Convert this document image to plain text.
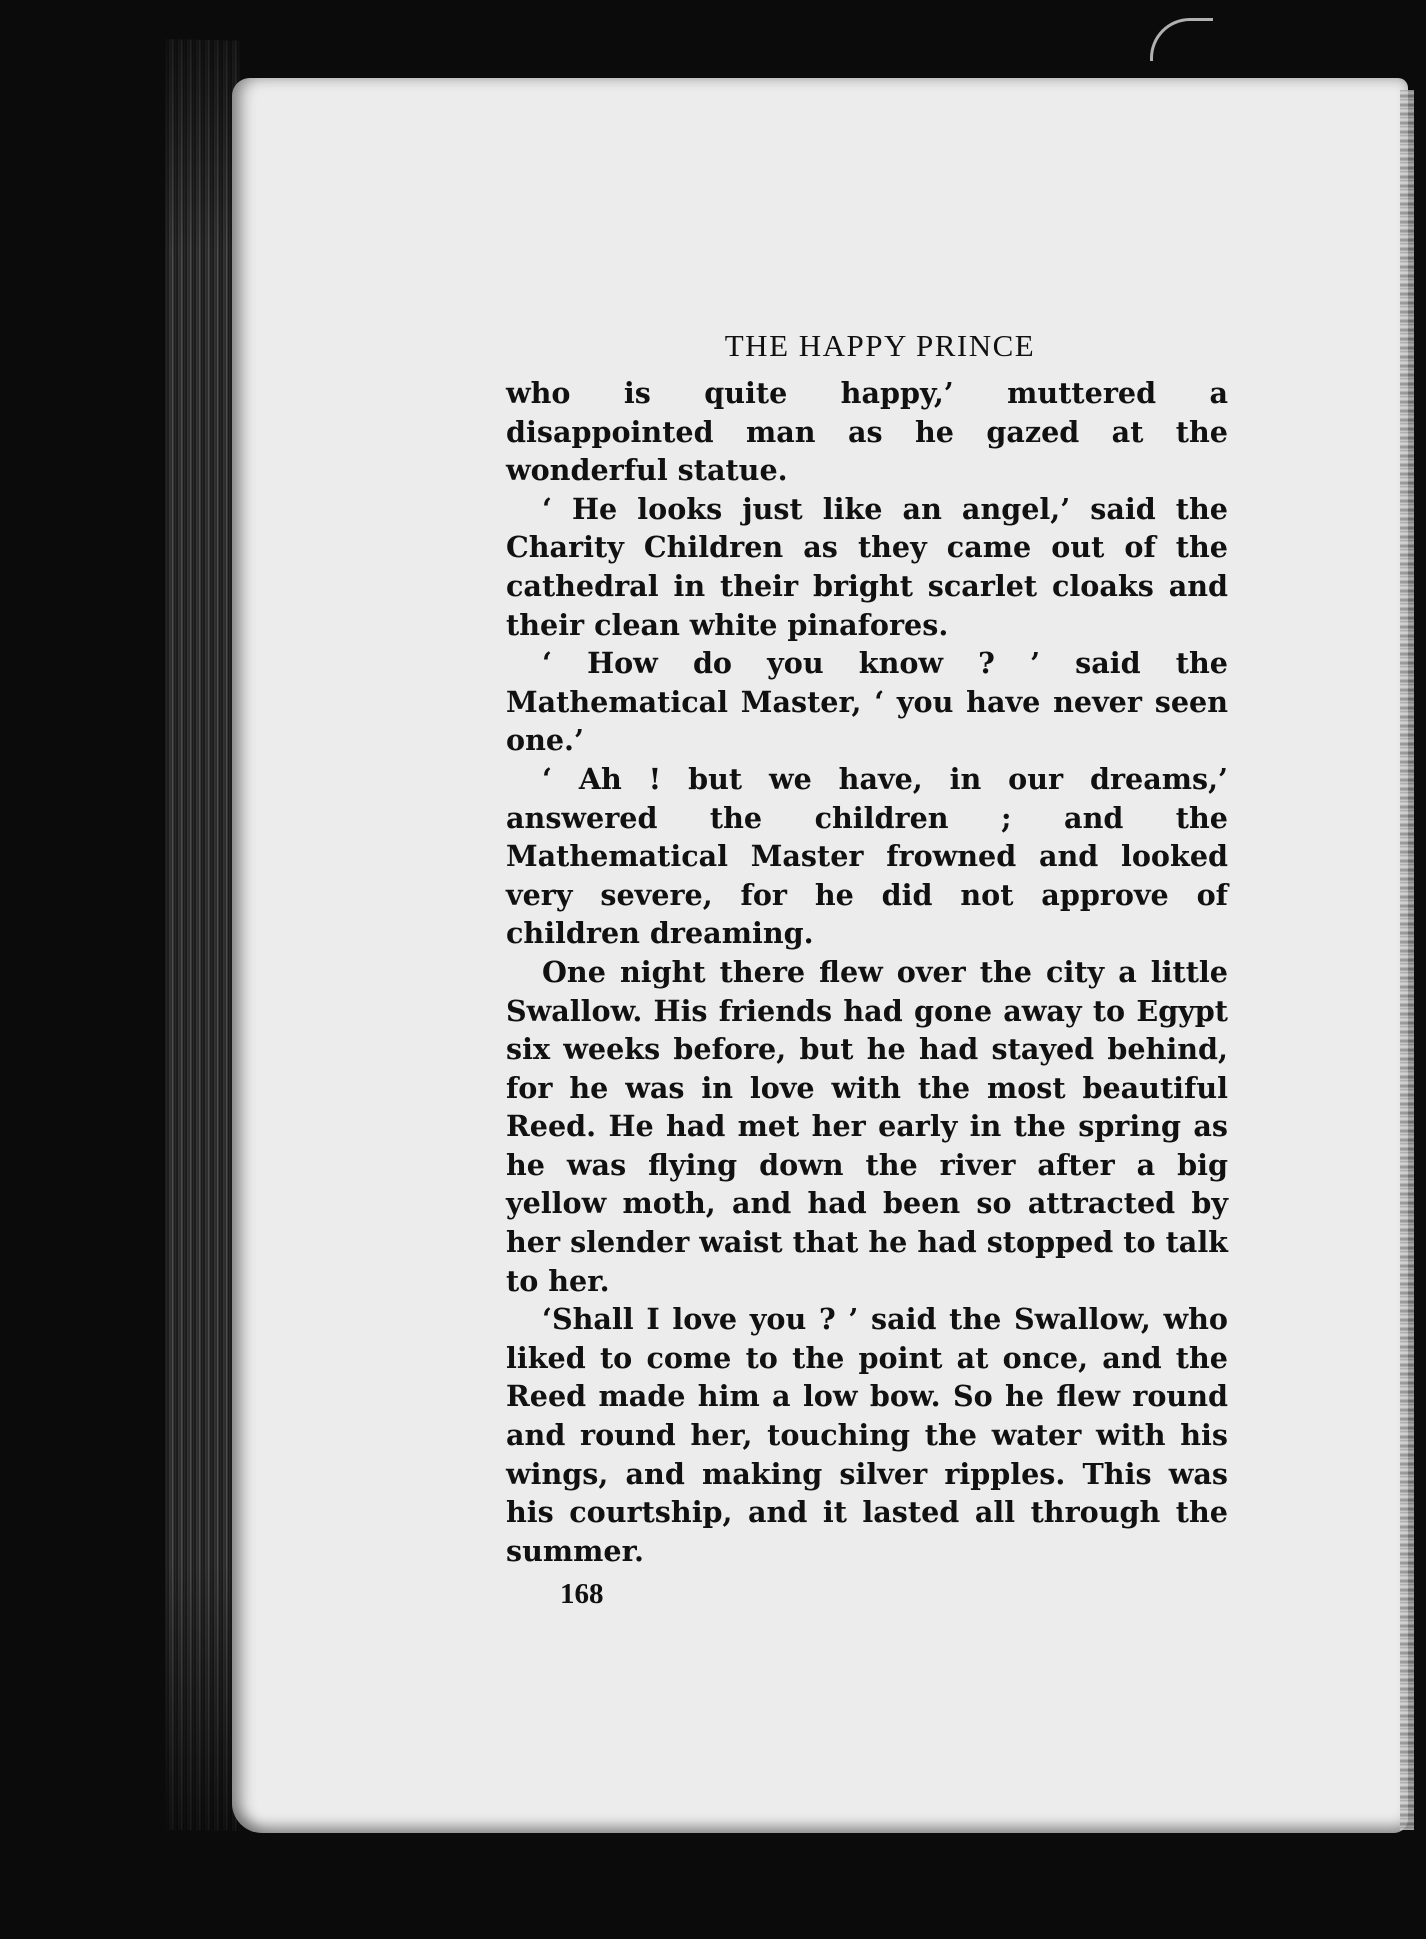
THE HAPPY PRINCE

who is quite happy,’ muttered a disappointed man as he gazed at the wonderful statue.

‘ He looks just like an angel,’ said the Charity Children as they came out of the cathedral in their bright scarlet cloaks and their clean white pinafores.

‘ How do you know ? ’ said the Mathematical Master, ‘ you have never seen one.’

‘ Ah ! but we have, in our dreams,’ answered the children ; and the Mathematical Master frowned and looked very severe, for he did not approve of children dreaming.

One night there flew over the city a little Swallow. His friends had gone away to Egypt six weeks before, but he had stayed behind, for he was in love with the most beautiful Reed. He had met her early in the spring as he was flying down the river after a big yellow moth, and had been so attracted by her slender waist that he had stopped to talk to her.

‘Shall I love you ? ’ said the Swallow, who liked to come to the point at once, and the Reed made him a low bow. So he flew round and round her, touching the water with his wings, and making silver ripples. This was his courtship, and it lasted all through the summer.

168
